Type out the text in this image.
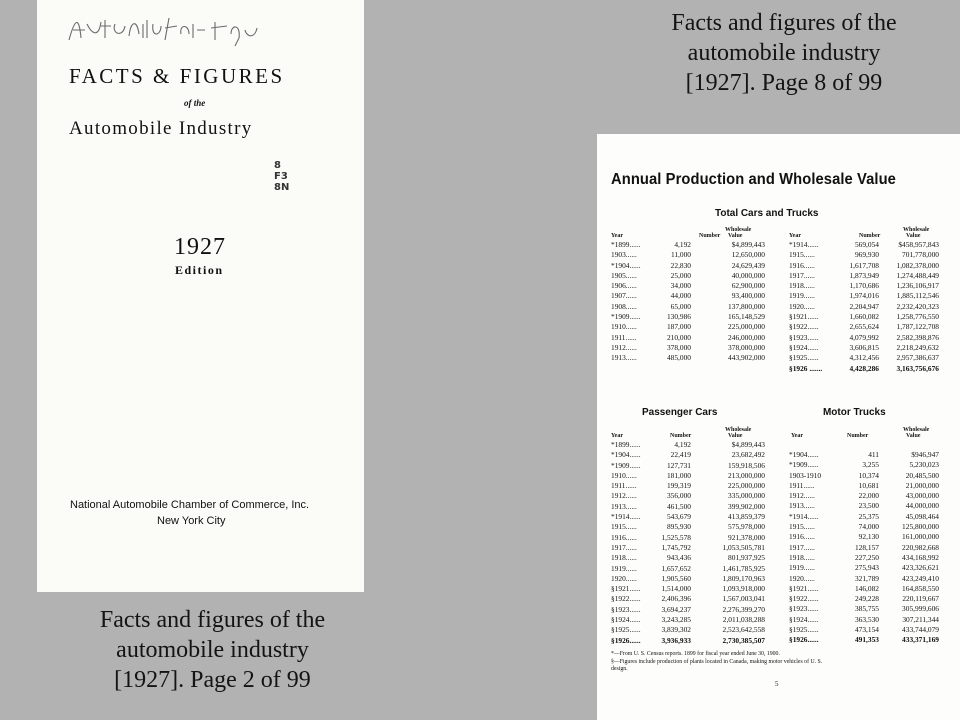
FACTS & FIGURES
of the
Automobile Industry
8
F3
8N
1927
Edition
National Automobile Chamber of Commerce, Inc.
New York City
Facts and figures of the
automobile industry
[1927]. Page 8 of 99
Facts and figures of the
automobile industry
[1927]. Page 2 of 99
Annual Production and Wholesale Value
Total Cars and Trucks
*1899......	4,192	$4,899,443
1903......	11,000	12,650,000
*1904......	22,830	24,629,439
1905......	25,000	40,000,000
1906......	34,000	62,900,000
1907......	44,000	93,400,000
1908......	65,000	137,800,000
*1909......	130,986	165,148,529
1910......	187,000	225,000,000
1911......	210,000	246,000,000
1912......	378,000	378,000,000
1913......	485,000	443,902,000
*1914......	569,054	$458,957,843
1915......	969,930	701,778,000
1916......	1,617,708 1,082,378,000
1917......	1,873,949 1,274,488,449
1918......	1,170,686 1,236,106,917
1919......	1,974,016 1,885,112,546
1920......	2,204,947 2,232,420,323
§1921......	1,660,082 1,258,776,550
§1922......	2,655,624 1,787,122,708
§1923......	4,079,992 2,582,398,876
§1924......	3,606,815 2,218,249,632
§1925......	4,312,456 2,957,386,637
§1926 .......	4,428,286 3,163,756,676
Passenger Cars	Motor Trucks
*1899......	4,192	$4,899,443
*1904......	22,419	23,682,492
*1909......	127,731	159,918,506
1910......	181,000	213,000,000
1911......	199,319	225,000,000
1912......	356,000	335,000,000
1913......	461,500	399,902,000
*1914......	543,679	413,859,379
1915......	895,930	575,978,000
1916......	1,525,578	921,378,000
1917......	1,745,792	1,053,505,781
1918......	943,436	801,937,925
1919......	1,657,652	1,461,785,925
1920......	1,905,560	1,809,170,963
§1921......	1,514,000	1,093,918,000
§1922......	2,406,396	1,567,003,041
§1923......	3,694,237	2,276,399,270
§1924......	3,243,285	2,011,038,288
§1925......	3,839,302	2,523,642,558
§1926......	3,936,933	2,730,385,507
*1904......	411	$946,947
*1909......	3,255	5,230,023
1903-1910	10,374	20,485,500
1911......	10,681	21,000,000
1912......	22,000	43,000,000
1913......	23,500	44,000,000
*1914......	25,375	45,098,464
1915......	74,000	125,800,000
1916......	92,130	161,000,000
1917......	128,157	220,982,668
1918......	227,250	434,168,992
1919......	275,943	423,326,621
1920......	321,789	423,249,410
§1921......	146,082	164,858,550
§1922......	249,228	220,119,667
§1923......	385,755	305,999,606
§1924......	363,530	307,211,344
§1925......	473,154	433,744,079
§1926......	491,353	433,371,169
*—From U. S. Census reports. 1899 for fiscal year ended June 30, 1900.
§—Figures include production of plants located in Canada, making motor vehicles of U. S.
design.
5
Year	Number
Wholesale
Value	Year	Number
Wholesale
Value
Year	Number
Wholesale
Value	Year	Number
Wholesale
Value
